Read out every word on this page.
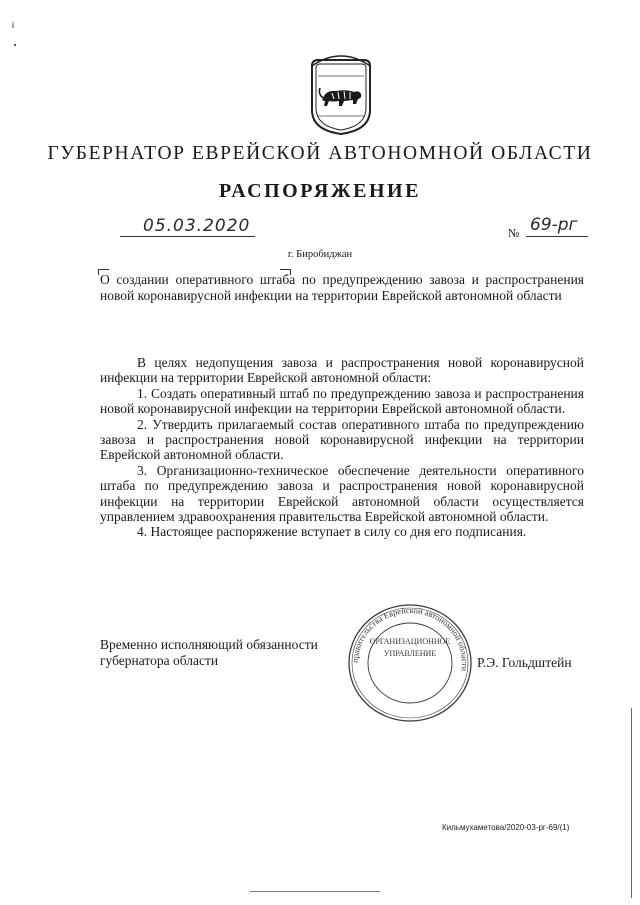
i
ГУБЕРНАТОР ЕВРЕЙСКОЙ АВТОНОМНОЙ ОБЛАСТИ
РАСПОРЯЖЕНИЕ
05.03.2020	№ 69-рг
г. Биробиджан
О создании оперативного штаба по предупреждению завоза и распространения новой коронавирусной инфекции на территории Еврейской автономной области

В целях недопущения завоза и распространения новой коронавирусной инфекции на территории Еврейской автономной области:

1. Создать оперативный штаб по предупреждению завоза и распространения новой коронавирусной инфекции на территории Еврейской автономной области.

2. Утвердить прилагаемый состав оперативного штаба по предупреждению завоза и распространения новой коронавирусной инфекции на территории Еврейской автономной области.

3. Организационно-техническое обеспечение деятельности оперативного штаба по предупреждению завоза и распространения новой коронавирусной инфекции на территории Еврейской автономной области осуществляется управлением здравоохранения правительства Еврейской автономной области.

4. Настоящее распоряжение вступает в силу со дня его подписания.

Временно исполняющий обязанности
губернатора области	правительства Еврейской автономной области
ОРГАНИЗАЦИОННОЕ
УПРАВЛЕНИЕ
Р.Э. Гольдштейн
Кильмухаметова/2020-03-рг-69/(1)
